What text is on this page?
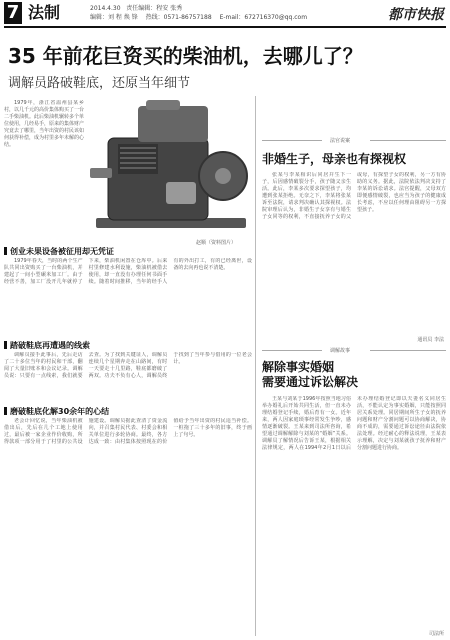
7 法制	2014.4.30 责任编辑：程安 张秀
编辑：刘 程 焕 锋 热线：0571-86757188 E-mail：672716370@qq.com	都市快报
35 年前花巨资买的柴油机，去哪儿了？
调解员路破鞋底，还原当年细节

1979年，浙江省温州县某乡村，以几千元的高价集体购买了一台二手柴油机。此后柴油机辗转多个单位使用，几经易手，原来的集体财产究竟去了哪里，当年出资的村民该如何获得补偿，成为村里多年未解的心结。

赵顺（资料图片）
创业未果设备被征用却无凭证

1979年春天，当时的两个生产队共同出资购买了一台柴油机，并建起了一间小型碾米加工厂。由于经营不善，加工厂没开几年就停了下来，柴油机闲置在仓库中。后来村里修建水利设施，柴油机被借去使用，却一直没有办理任何书面手续。随着时间推移，当年的经手人有的外出打工，有的已经离世，设备的去向再也说不清楚。

踏破鞋底再遭遇的线索

调解员接手此事后，先后走访了二十多位当年的村民和干部，翻阅了大量旧账本和会议记录。调解员说：只要有一点线索，我们就要去查。为了找到关键证人，调解员连续几个星期奔走在山路间，有时一天要走十几里路，鞋底都磨破了两双。功夫不负有心人，调解员终于找到了当年参与借用的一位老会计。

磨破鞋底化解30余年的心结

老会计回忆说，当年柴油机被借出后，先后在几个工地上使用过，最后被一家企业作价收购，所得款项一部分用于了村里的公共设施建设。调解员据此查清了资金流向，并召集村民代表、村委会和相关单位进行多轮协商。最终，各方达成一致：由村集体按照现在的价值给予当年出资的村民适当补偿。一桩拖了三十多年的旧事，终于画上了句号。

法官说案
非婚生子，母亲也有探视权

张某与李某相识后同居并生下一子，后因感情破裂分手，孩子随父亲生活。此后，李某多次要求探望孩子，均遭到张某拒绝。无奈之下，李某将张某诉至法院，请求判决确认其探视权。法院审理后认为，非婚生子女享有与婚生子女同等的权利，不直接抚养子女的父或母，有探望子女的权利，另一方有协助的义务。据此，法院依法判决支持了李某的诉讼请求。法官提醒，父母双方即便感情破裂，也应当为孩子的健康成长考虑，不应以任何理由阻碍另一方探望孩子。

通讯员 李法
调解故事
解除事实婚姻
需要通过诉讼解决

王某与刘某于1996年按照当地习俗举办婚礼后开始共同生活，但一直未办理结婚登记手续，婚后育有一女。近年来，两人因家庭琐事经常发生争吵，感情逐渐破裂。王某来到司法所咨询，希望通过调解解除与刘某的“婚姻”关系。调解员了解情况后告诉王某，根据相关法律规定，两人在1994年2月1日以后未办理结婚登记即以夫妻名义同居生活，不能认定为事实婚姻，只能按照同居关系处理。同居期间所生子女的抚养问题和财产分割问题可以协商解决，协商不成的，需要通过诉讼途径由法院依法处理。经过耐心的释法说理，王某表示理解，决定与刘某就孩子抚养和财产分割问题进行协商。

司法所
